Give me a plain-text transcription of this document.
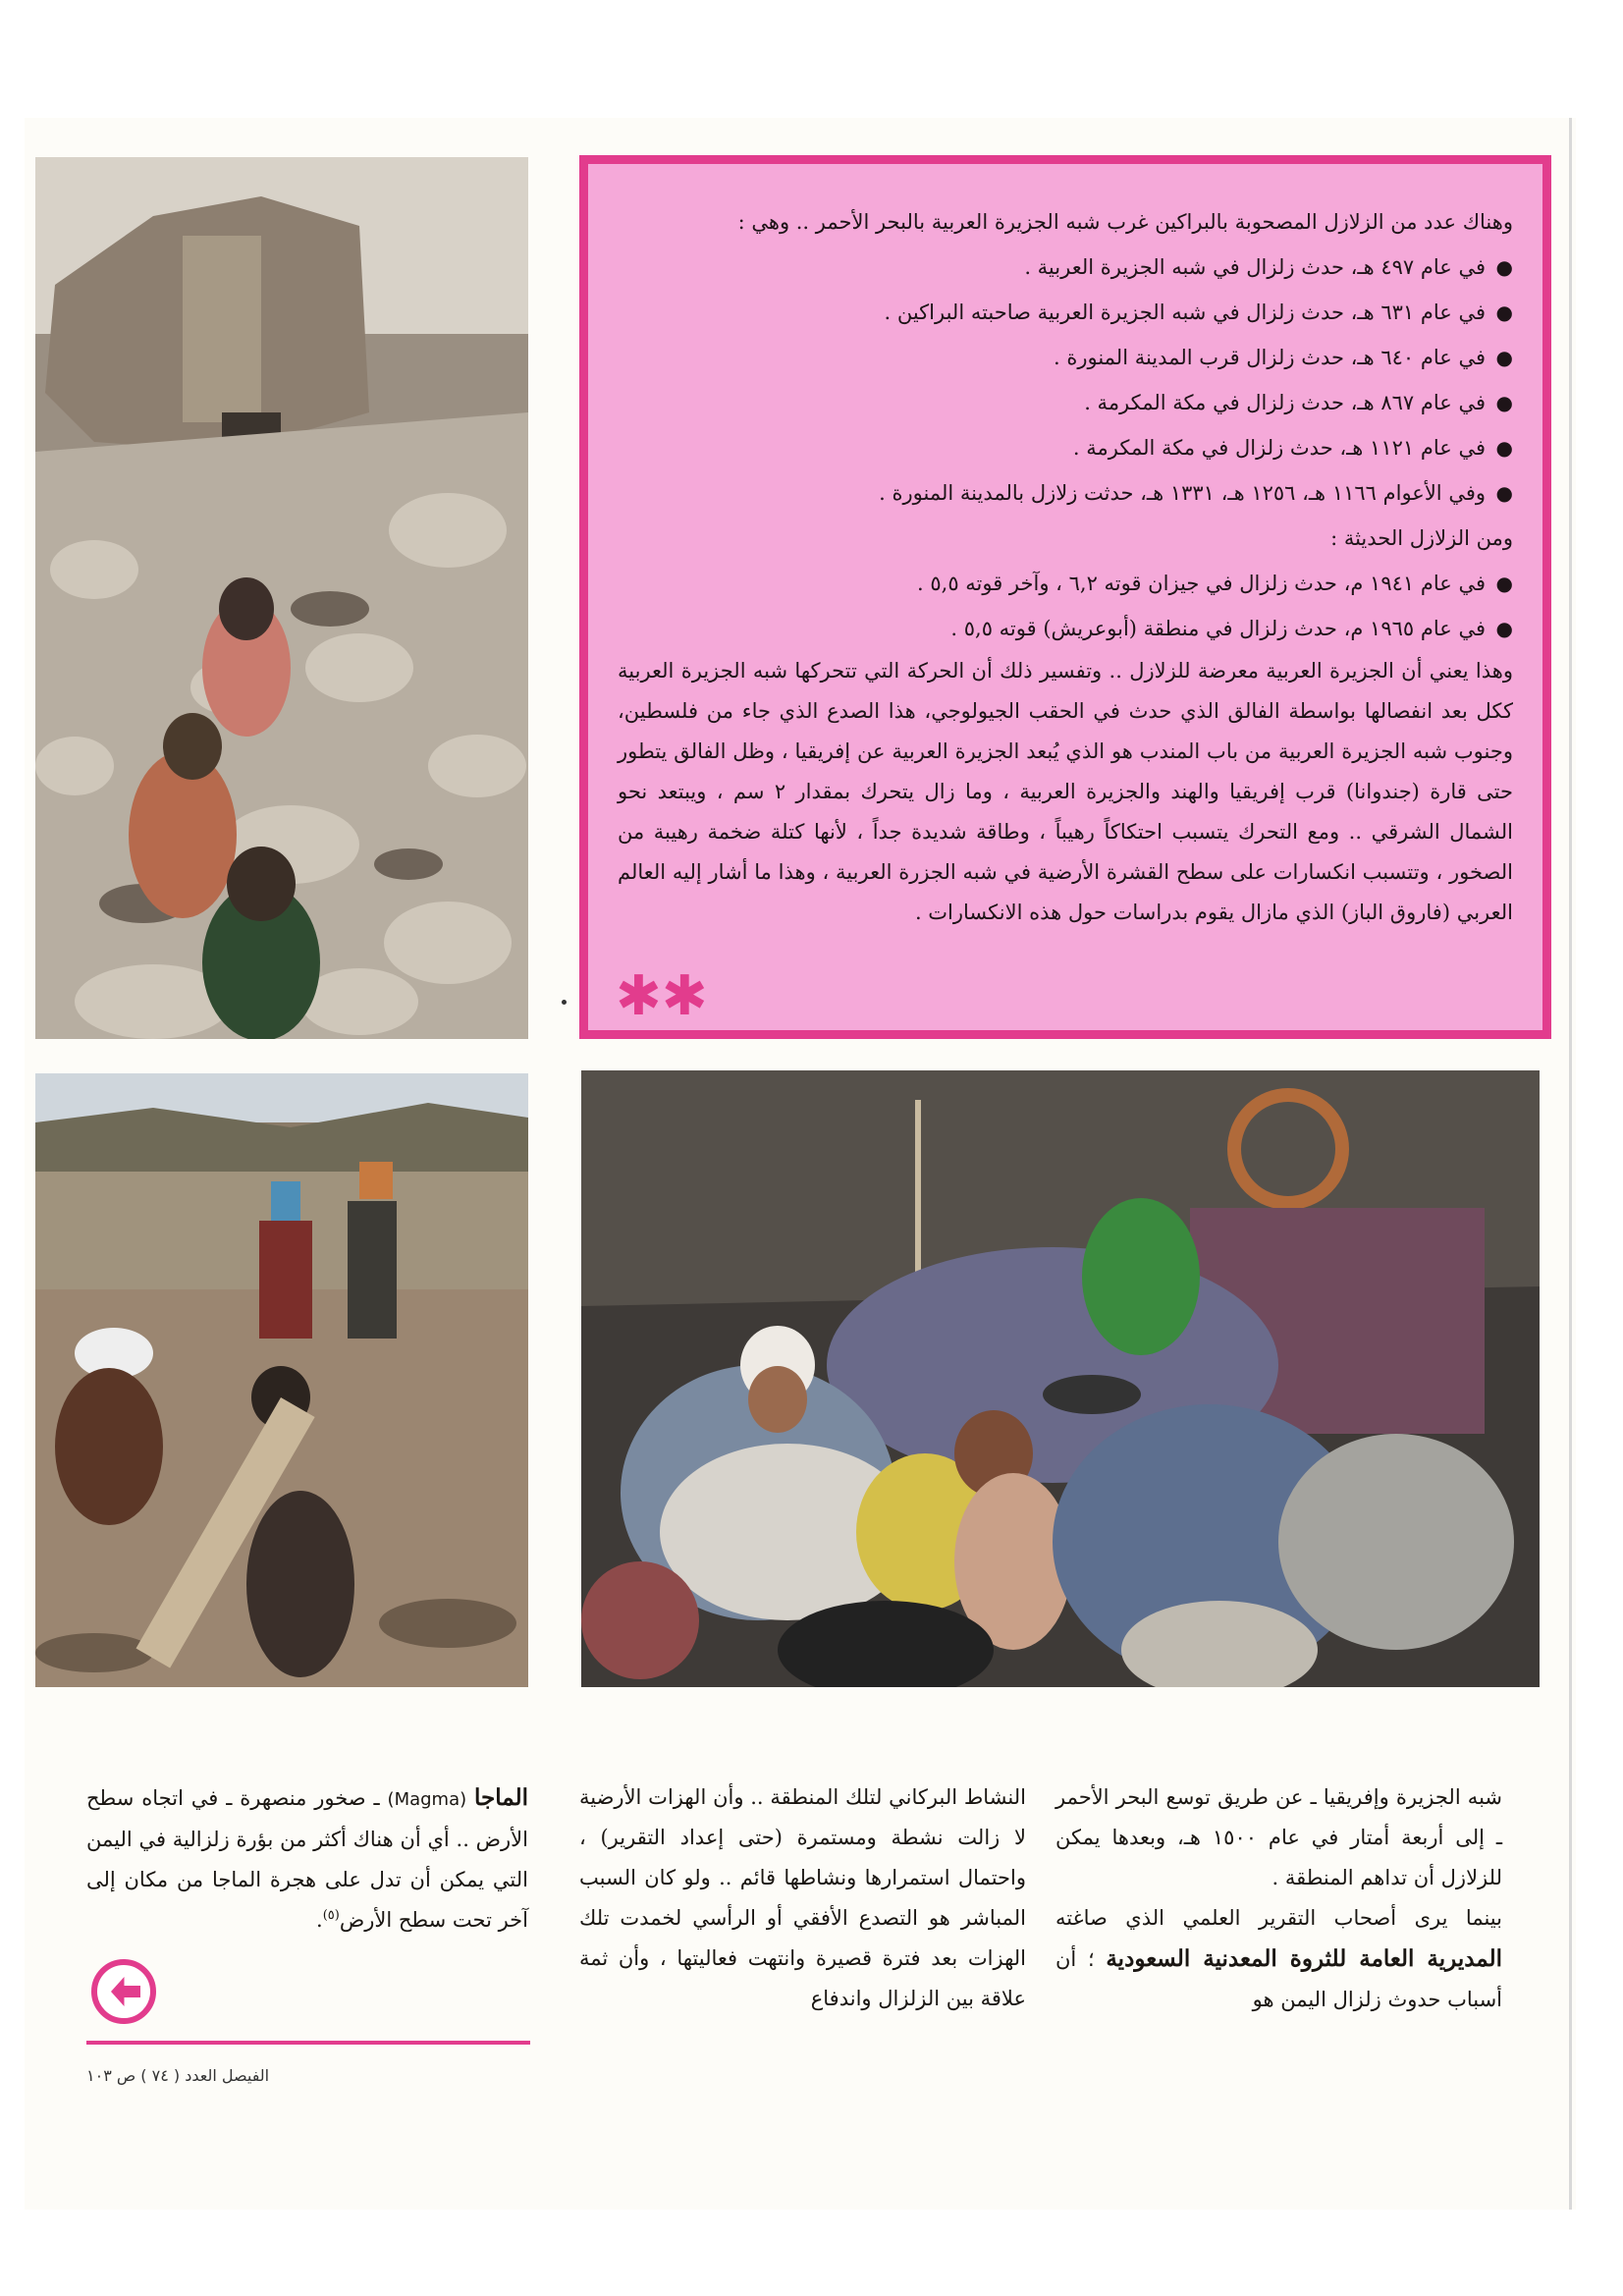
وهناك عدد من الزلازل المصحوبة بالبراكين غرب شبه الجزيرة العربية بالبحر الأحمر .. وهي :

● في عام ٤٩٧ هـ، حدث زلزال في شبه الجزيرة العربية .
● في عام ٦٣١ هـ، حدث زلزال في شبه الجزيرة العربية صاحبته البراكين .
● في عام ٦٤٠ هـ، حدث زلزال قرب المدينة المنورة .
● في عام ٨٦٧ هـ، حدث زلزال في مكة المكرمة .
● في عام ١١٢١ هـ، حدث زلزال في مكة المكرمة .
● وفي الأعوام ١١٦٦ هـ، ١٢٥٦ هـ، ١٣٣١ هـ، حدثت زلازل بالمدينة المنورة .

ومن الزلازل الحديثة :

● في عام ١٩٤١ م، حدث زلزال في جيزان قوته ٦,٢ ، وآخر قوته ٥,٥ .
● في عام ١٩٦٥ م، حدث زلزال في منطقة (أبوعريش) قوته ٥,٥ .

وهذا يعني أن الجزيرة العربية معرضة للزلازل .. وتفسير ذلك أن الحركة التي تتحركها شبه الجزيرة العربية ككل بعد انفصالها بواسطة الفالق الذي حدث في الحقب الجيولوجي، هذا الصدع الذي جاء من فلسطين، وجنوب شبه الجزيرة العربية من باب المندب هو الذي يُبعد الجزيرة العربية عن إفريقيا ، وظل الفالق يتطور حتى قارة (جندوانا) قرب إفريقيا والهند والجزيرة العربية ، وما زال يتحرك بمقدار ٢ سم ، ويبتعد نحو الشمال الشرقي .. ومع التحرك يتسبب احتكاكاً رهيباً ، وطاقة شديدة جداً ، لأنها كتلة ضخمة رهيبة من الصخور ، وتتسبب انكسارات على سطح القشرة الأرضية في شبه الجزرة العربية ، وهذا ما أشار إليه العالم العربي (فاروق الباز) الذي مازال يقوم بدراسات حول هذه الانكسارات .

✱✱

شبه الجزيرة وإفريقيا ـ عن طريق توسع البحر الأحمر ـ إلى أربعة أمتار في عام ١٥٠٠ هـ، وبعدها يمكن للزلازل أن تداهم المنطقة .

بينما يرى أصحاب التقرير العلمي الذي صاغته المديرية العامة للثروة المعدنية السعودية ؛ أن أسباب حدوث زلزال اليمن هو

النشاط البركاني لتلك المنطقة .. وأن الهزات الأرضية لا زالت نشطة ومستمرة (حتى إعداد التقرير) ، واحتمال استمرارها ونشاطها قائم .. ولو كان السبب المباشر هو التصدع الأفقي أو الرأسي لخمدت تلك الهزات بعد فترة قصيرة وانتهت فعاليتها ، وأن ثمة علاقة بين الزلزال واندفاع

الماجا (Magma) ـ صخور منصهرة ـ في اتجاه سطح الأرض .. أي أن هناك أكثر من بؤرة زلزالية في اليمن التي يمكن أن تدل على هجرة الماجا من مكان إلى آخر تحت سطح الأرض$^{(٥)}$.

الفيصل العدد ( ٧٤ ) ص ١٠٣
